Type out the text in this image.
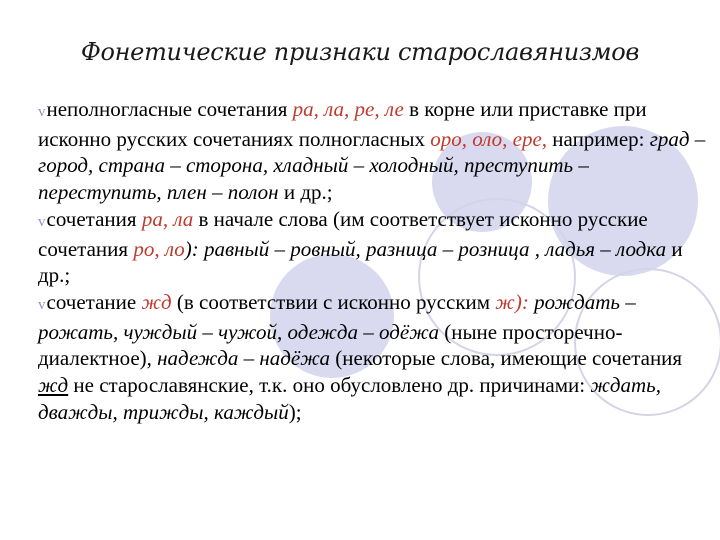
Фонетические признаки старославянизмов

vнеполногласные сочетания ра, ла, ре, ле в корне или приставке при исконно русских сочетаниях полногласных оро, оло, ере, например: град – город, страна – сторона, хладный – холодный, преступить – переступить, плен – полон и др.;

vсочетания ра, ла в начале слова (им соответствует исконно русские сочетания ро, ло): равный – ровный, разница – розница , ладья – лодка и др.;

vсочетание жд (в соответствии с исконно русским ж): рождать – рожать, чуждый – чужой, одежда – одёжа (ныне просторечно-диалектное), надежда – надёжа (некоторые слова, имеющие сочетания жд не старославянские, т.к. оно обусловлено др. причинами: ждать, дважды, трижды, каждый);
